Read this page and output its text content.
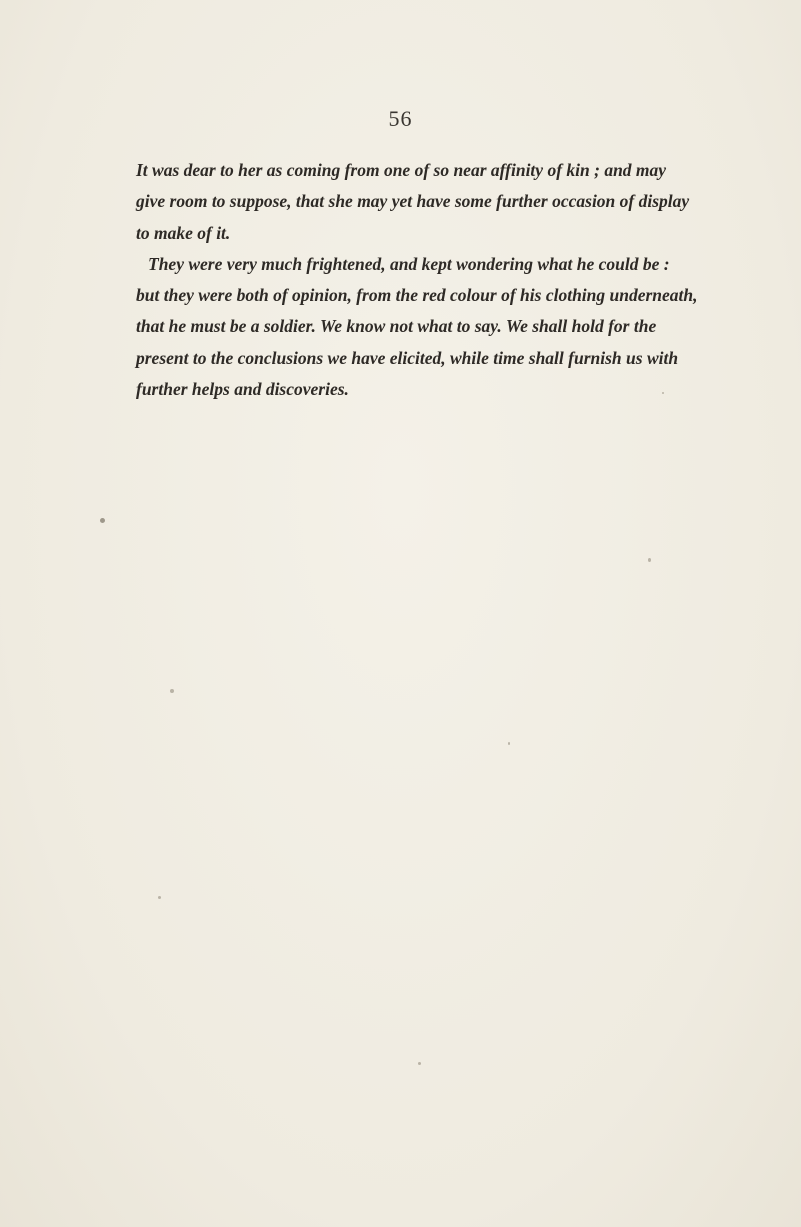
56
It was dear to her as coming from one of so near affinity of kin ; and may
give room to suppose, that she may yet have some further occasion of display
to make of it.
They were very much frightened, and kept wondering what he could be :
but they were both of opinion, from the red colour of his clothing underneath,
that he must be a soldier. We know not what to say. We shall hold for the
present to the conclusions we have elicited, while time shall furnish us with
further helps and discoveries.
